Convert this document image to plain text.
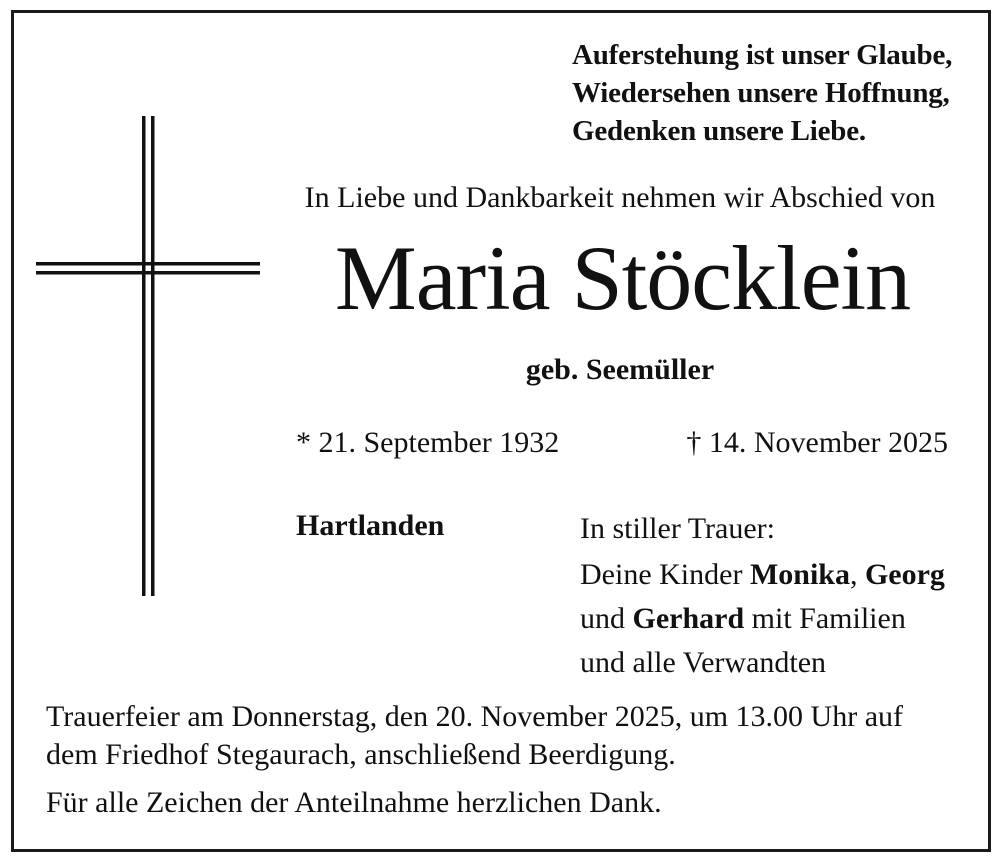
Auferstehung ist unser Glaube,
Wiedersehen unsere Hoffnung,
Gedenken unsere Liebe.
In Liebe und Dankbarkeit nehmen wir Abschied von
Maria Stöcklein
geb. Seemüller
* 21. September 1932	† 14. November 2025
Hartlanden	In stiller Trauer:
Deine Kinder Monika, Georg
und Gerhard mit Familien
und alle Verwandten
Trauerfeier am Donnerstag, den 20. November 2025, um 13.00 Uhr auf
dem Friedhof Stegaurach, anschließend Beerdigung.
Für alle Zeichen der Anteilnahme herzlichen Dank.
